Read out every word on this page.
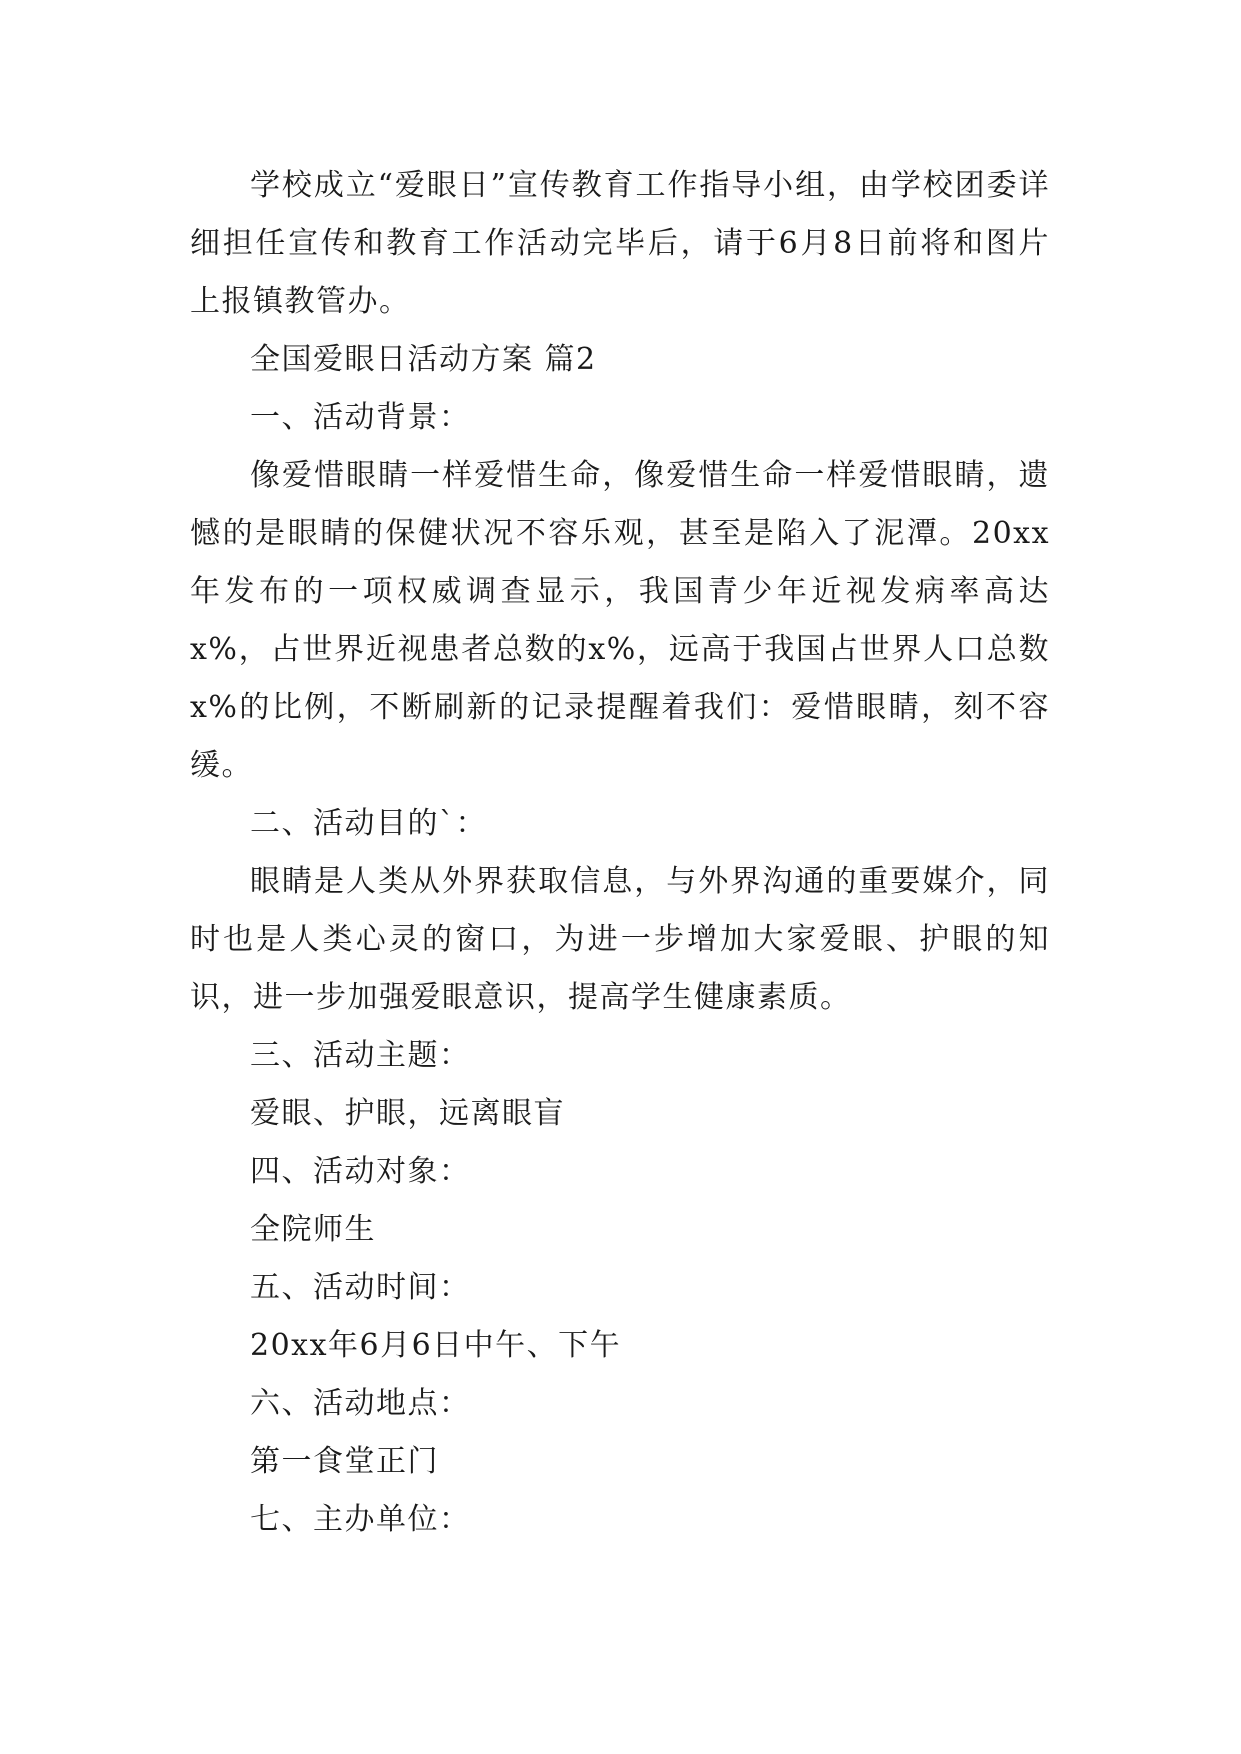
学校成立“爱眼日”宣传教育工作指导小组，由学校团委详细担任宣传和教育工作活动完毕后，请于6月8日前将和图片上报镇教管办。

全国爱眼日活动方案 篇2

一、活动背景：

像爱惜眼睛一样爱惜生命，像爱惜生命一样爱惜眼睛，遗憾的是眼睛的保健状况不容乐观，甚至是陷入了泥潭。20xx年发布的一项权威调查显示，我国青少年近视发病率高达x%，占世界近视患者总数的x%，远高于我国占世界人口总数x%的比例，不断刷新的记录提醒着我们：爱惜眼睛，刻不容缓。

二、活动目的`：

眼睛是人类从外界获取信息，与外界沟通的重要媒介，同时也是人类心灵的窗口，为进一步增加大家爱眼、护眼的知识，进一步加强爱眼意识，提高学生健康素质。

三、活动主题：

爱眼、护眼，远离眼盲

四、活动对象：

全院师生

五、活动时间：

20xx年6月6日中午、下午

六、活动地点：

第一食堂正门

七、主办单位：
